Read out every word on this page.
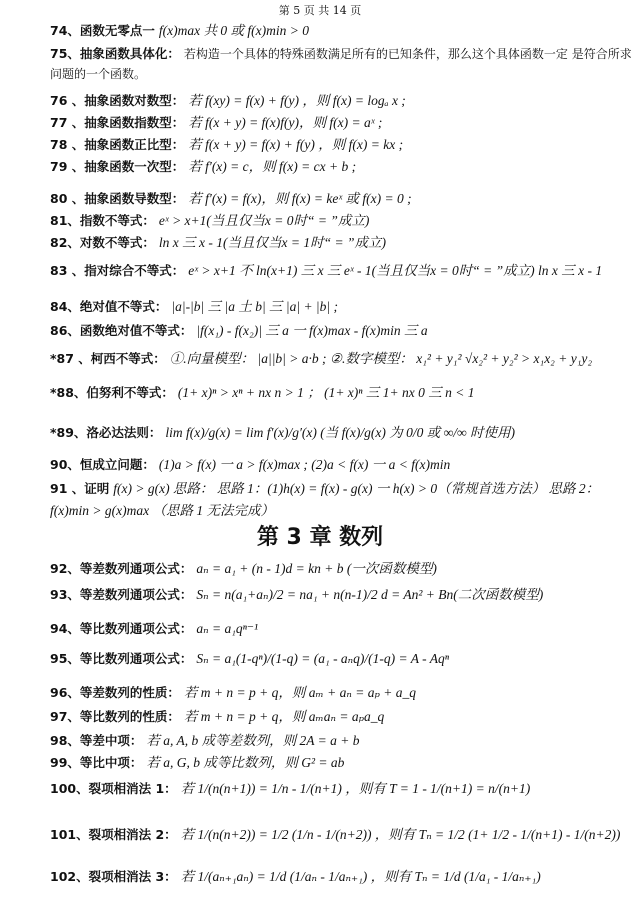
第 5 页 共 14 页
74、函数无零点一 f(x)max 共 0 或 f(x)min > 0
75、抽象函数具体化： 若构造一个具体的特殊函数满足所有的已知条件，那么这个具体函数一定 是符合所求问题的一个函数。
76 、抽象函数对数型： 若 f(xy) = f(x) + f(y) ，则 f(x) = logₐ x ;
77 、抽象函数指数型： 若 f(x + y) = f(x)f(y)，则 f(x) = aˣ ;
78 、抽象函数正比型： 若 f(x + y) = f(x) + f(y) ，则 f(x) = kx ;
79 、抽象函数一次型： 若 f′(x) = c，则 f(x) = cx + b ;
80 、抽象函数导数型： 若 f′(x) = f(x)，则 f(x) = keˣ 或 f(x) = 0 ;
81、指数不等式： eˣ > x+1(当且仅当x = 0时“ = ”成立)
82、对数不等式： ln x 三 x - 1(当且仅当x = 1时“ = ”成立)
83 、指对综合不等式： eˣ > x+1 不 ln(x+1) 三 x 三 eˣ - 1(当且仅当x = 0时“ = ”成立) ln x 三 x - 1
84、绝对值不等式： |a|-|b| 三 |a 土 b| 三 |a| + |b| ;
86、函数绝对值不等式： |f(x₁) - f(x₂)| 三 a 一 f(x)max - f(x)min 三 a
*87 、柯西不等式： ①.向量模型： |a||b| > a·b ; ②.数字模型： x₁² + y₁² √x₂² + y₂² > x₁x₂ + y₁y₂
*88、伯努利不等式： (1+ x)ⁿ > xⁿ + nx n > 1 ； (1+ x)ⁿ 三 1+ nx 0 三 n < 1
*89、洛必达法则： lim f(x)/g(x) = lim f′(x)/g′(x) (当 f(x)/g(x) 为 0/0 或 ∞/∞ 时使用)
90、恒成立问题： (1)a > f(x) 一 a > f(x)max ; (2)a < f(x) 一 a < f(x)min
91 、证明 f(x) > g(x) 思路： 思路 1：(1)h(x) = f(x) - g(x) 一 h(x) > 0（常规首选方法） 思路 2：f(x)min > g(x)max （思路 1 无法完成）
第 3 章 数列
92、等差数列通项公式： aₙ = a₁ + (n - 1)d = kn + b (一次函数模型)
93、等差数列通项公式： Sₙ = n(a₁+aₙ)/2 = na₁ + n(n-1)/2 d = An² + Bn(二次函数模型)
94、等比数列通项公式： aₙ = a₁qⁿ⁻¹
95、等比数列通项公式： Sₙ = a₁(1-qⁿ)/(1-q) = (a₁ - aₙq)/(1-q) = A - Aqⁿ
96、等差数列的性质： 若 m + n = p + q，则 aₘ + aₙ = aₚ + a_q
97、等比数列的性质： 若 m + n = p + q，则 aₘaₙ = aₚa_q
98、等差中项： 若 a, A, b 成等差数列，则 2A = a + b
99、等比中项： 若 a, G, b 成等比数列，则 G² = ab
100、裂项相消法 1： 若 1/(n(n+1)) = 1/n - 1/(n+1) ，则有 T = 1 - 1/(n+1) = n/(n+1)
101、裂项相消法 2： 若 1/(n(n+2)) = 1/2 (1/n - 1/(n+2)) ，则有 Tₙ = 1/2 (1+ 1/2 - 1/(n+1) - 1/(n+2))
102、裂项相消法 3： 若 1/(aₙ₊₁aₙ) = 1/d (1/aₙ - 1/aₙ₊₁) ，则有 Tₙ = 1/d (1/a₁ - 1/aₙ₊₁)
